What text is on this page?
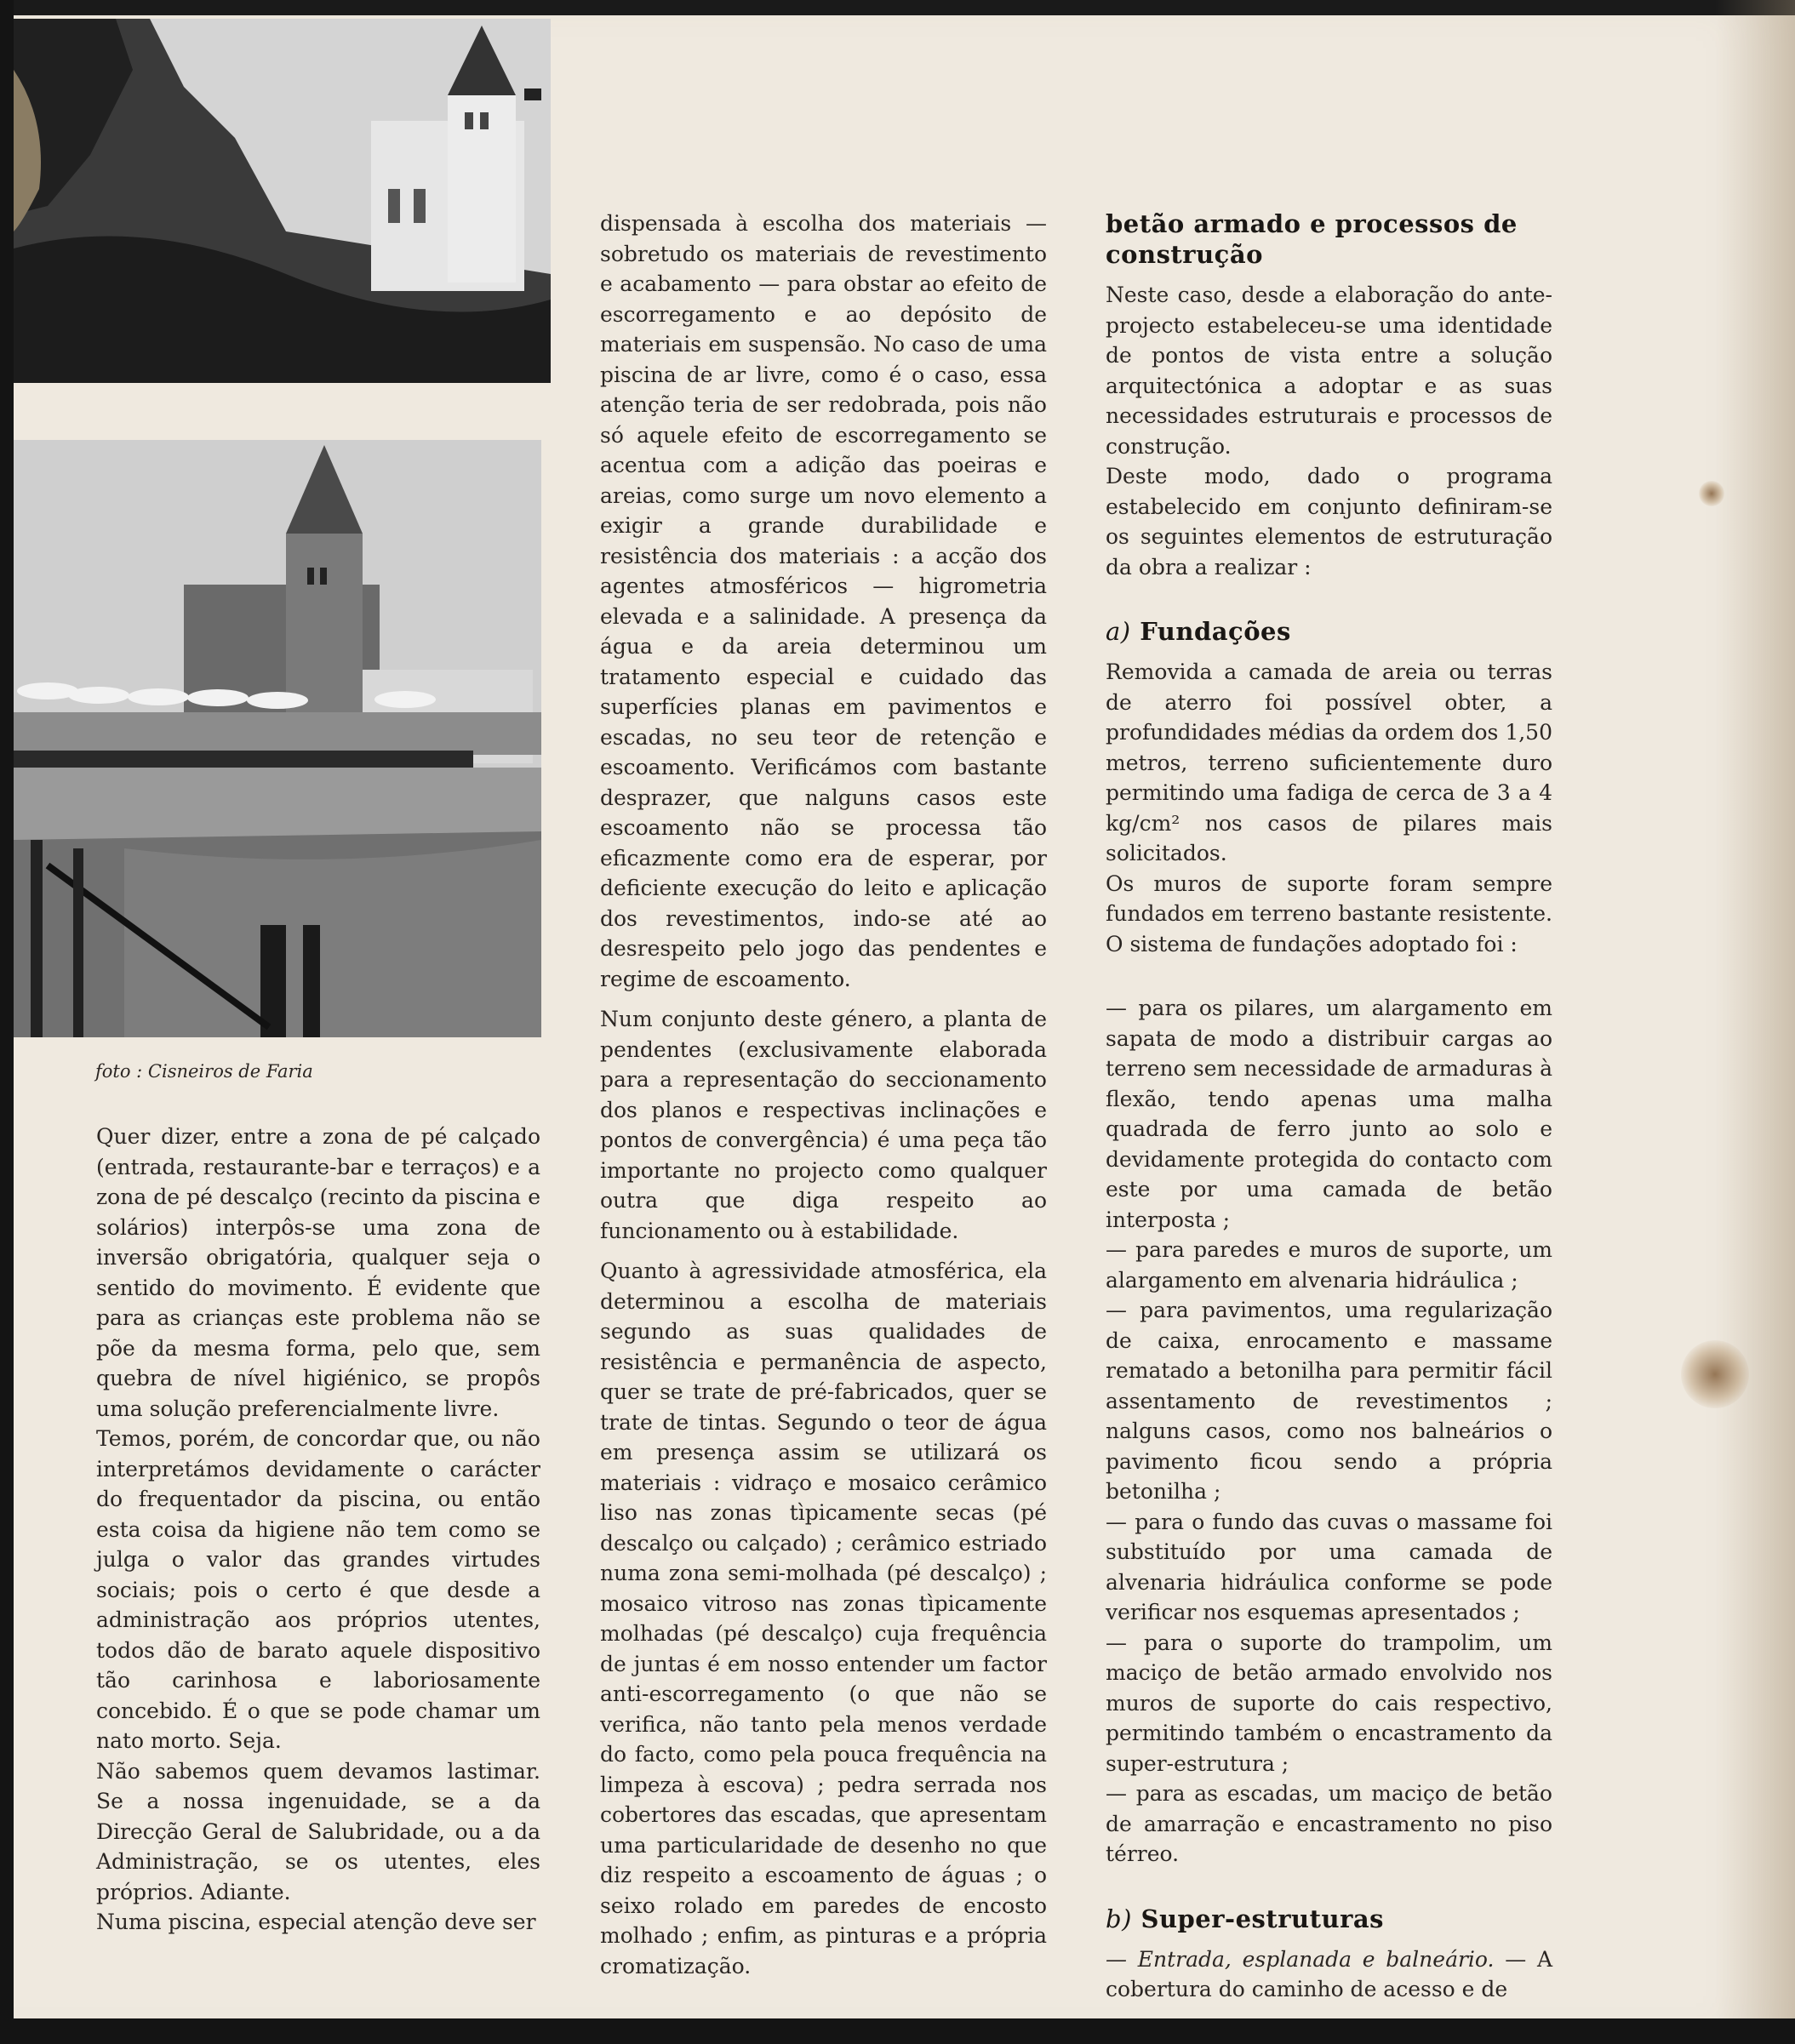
foto : Cisneiros de Faria

Quer dizer, entre a zona de pé calçado (entrada, restaurante-bar e terraços) e a zona de pé descalço (recinto da piscina e solários) interpôs-se uma zona de inversão obrigatória, qualquer seja o sentido do movimento. É evidente que para as crianças este problema não se põe da mesma forma, pelo que, sem quebra de nível higiénico, se propôs uma solução preferencialmente livre.

Temos, porém, de concordar que, ou não interpretámos devidamente o carácter do frequentador da piscina, ou então esta coisa da higiene não tem como se julga o valor das grandes virtudes sociais; pois o certo é que desde a administração aos próprios utentes, todos dão de barato aquele dispositivo tão carinhosa e laboriosamente concebido. É o que se pode chamar um nato morto. Seja.

Não sabemos quem devamos lastimar. Se a nossa ingenuidade, se a da Direcção Geral de Salubridade, ou a da Administração, se os utentes, eles próprios. Adiante.

Numa piscina, especial atenção deve ser

dispensada à escolha dos materiais — sobretudo os materiais de revestimento e acabamento — para obstar ao efeito de escorregamento e ao depósito de materiais em suspensão. No caso de uma piscina de ar livre, como é o caso, essa atenção teria de ser redobrada, pois não só aquele efeito de escorregamento se acentua com a adição das poeiras e areias, como surge um novo elemento a exigir a grande durabilidade e resistência dos materiais : a acção dos agentes atmosféricos — higrometria elevada e a salinidade. A presença da água e da areia determinou um tratamento especial e cuidado das superfícies planas em pavimentos e escadas, no seu teor de retenção e escoamento. Verificámos com bastante desprazer, que nalguns casos este escoamento não se processa tão eficazmente como era de esperar, por deficiente execução do leito e aplicação dos revestimentos, indo-se até ao desrespeito pelo jogo das pendentes e regime de escoamento.

Num conjunto deste género, a planta de pendentes (exclusivamente elaborada para a representação do seccionamento dos planos e respectivas inclinações e pontos de convergência) é uma peça tão importante no projecto como qualquer outra que diga respeito ao funcionamento ou à estabilidade.

Quanto à agressividade atmosférica, ela determinou a escolha de materiais segundo as suas qualidades de resistência e permanência de aspecto, quer se trate de pré-fabricados, quer se trate de tintas. Segundo o teor de água em presença assim se utilizará os materiais : vidraço e mosaico cerâmico liso nas zonas tìpicamente secas (pé descalço ou calçado) ; cerâmico estriado numa zona semi-molhada (pé descalço) ; mosaico vitroso nas zonas tìpicamente molhadas (pé descalço) cuja frequência de juntas é em nosso entender um factor anti-escorregamento (o que não se verifica, não tanto pela menos verdade do facto, como pela pouca frequência na limpeza à escova) ; pedra serrada nos cobertores das escadas, que apresentam uma particularidade de desenho no que diz respeito a escoamento de águas ; o seixo rolado em paredes de encosto molhado ; enfim, as pinturas e a própria cromatização.

betão armado e processos de construção

Neste caso, desde a elaboração do ante-projecto estabeleceu-se uma identidade de pontos de vista entre a solução arquitectónica a adoptar e as suas necessidades estruturais e processos de construção.

Deste modo, dado o programa estabelecido em conjunto definiram-se os seguintes elementos de estruturação da obra a realizar :

a) Fundações

Removida a camada de areia ou terras de aterro foi possível obter, a profundidades médias da ordem dos 1,50 metros, terreno suficientemente duro permitindo uma fadiga de cerca de 3 a 4 kg/cm² nos casos de pilares mais solicitados.

Os muros de suporte foram sempre fundados em terreno bastante resistente.

O sistema de fundações adoptado foi :

— para os pilares, um alargamento em sapata de modo a distribuir cargas ao terreno sem necessidade de armaduras à flexão, tendo apenas uma malha quadrada de ferro junto ao solo e devidamente protegida do contacto com este por uma camada de betão interposta ;

— para paredes e muros de suporte, um alargamento em alvenaria hidráulica ;

— para pavimentos, uma regularização de caixa, enrocamento e massame rematado a betonilha para permitir fácil assentamento de revestimentos ; nalguns casos, como nos balneários o pavimento ficou sendo a própria betonilha ;

— para o fundo das cuvas o massame foi substituído por uma camada de alvenaria hidráulica conforme se pode verificar nos esquemas apresentados ;

— para o suporte do trampolim, um maciço de betão armado envolvido nos muros de suporte do cais respectivo, permitindo também o encastramento da super-estrutura ;

— para as escadas, um maciço de betão de amarração e encastramento no piso térreo.

b) Super-estruturas

— Entrada, esplanada e balneário. — A cobertura do caminho de acesso e de
